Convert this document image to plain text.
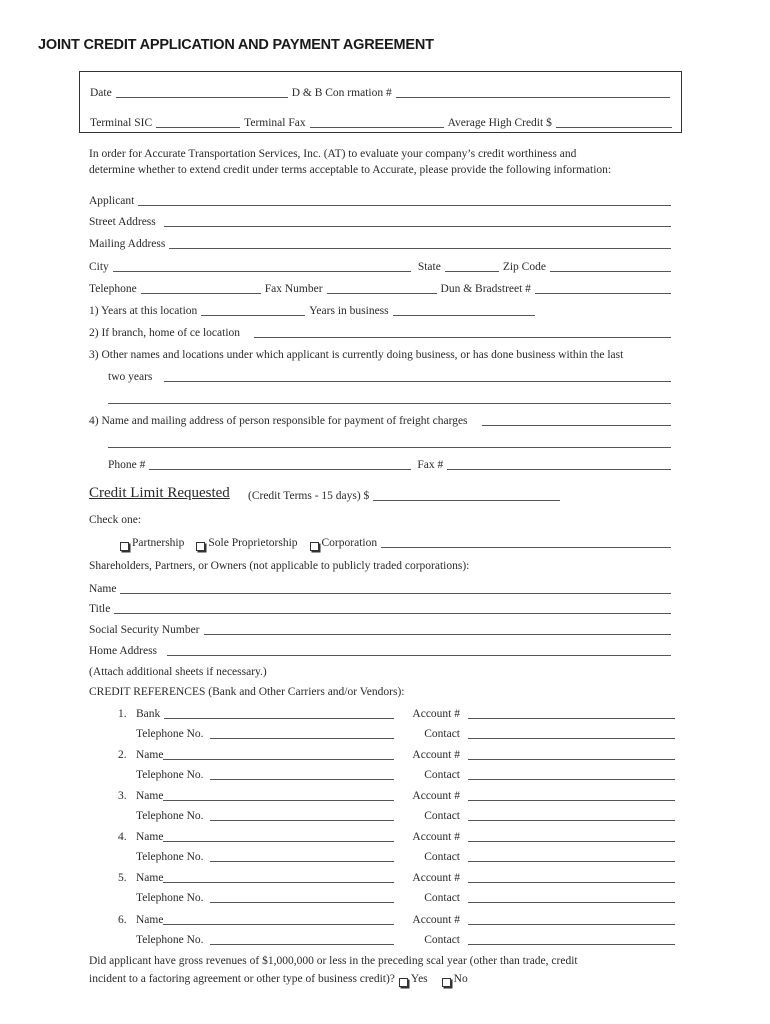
JOINT CREDIT APPLICATION AND PAYMENT AGREEMENT
Date	D & B Con rmation #
Terminal SIC	Terminal Fax	Average High Credit $
In order for Accurate Transportation Services, Inc. (AT) to evaluate your company’s credit worthiness and
determine whether to extend credit under terms acceptable to Accurate, please provide the following information:
Applicant
Street Address
Mailing Address
City	State	Zip Code
Telephone	Fax Number	Dun & Bradstreet #
1) Years at this location	Years in business
2) If branch, home of ce location
3) Other names and locations under which applicant is currently doing business, or has done business within the last
two years
4) Name and mailing address of person responsible for payment of freight charges
Phone #	Fax #
Credit Limit Requested (Credit Terms - 15 days) $
Check one:
Partnership Sole Proprietorship Corporation
Shareholders, Partners, or Owners (not applicable to publicly traded corporations):
Name
Title
Social Security Number
Home Address
(Attach additional sheets if necessary.)
CREDIT REFERENCES (Bank and Other Carriers and/or Vendors):
1. Bank	Account #
Telephone No.	Contact
2. Name	Account #
Telephone No.	Contact
3. Name	Account #
Telephone No.	Contact
4. Name	Account #
Telephone No.	Contact
5. Name	Account #
Telephone No.	Contact
6. Name	Account #
Telephone No.	Contact
Did applicant have gross revenues of $1,000,000 or less in the preceding scal year (other than trade, credit
incident to a factoring agreement or other type of business credit)? Yes No
